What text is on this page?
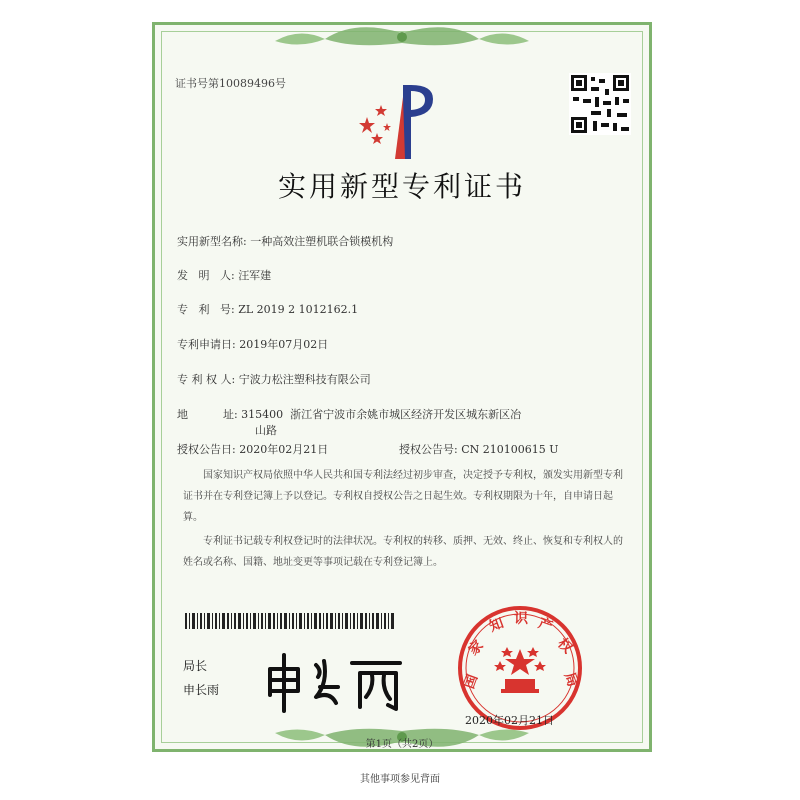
证书号第10089496号
实用新型专利证书
实用新型名称: 一种高效注塑机联合锁模机构
发   明   人: 汪军建
专   利   号: ZL 2019 2 1012162.1
专利申请日: 2019年07月02日
专 利 权 人: 宁波力松注塑科技有限公司
地          址: 315400  浙江省宁波市余姚市城区经济开发区城东新区冶
山路
授权公告日: 2020年02月21日	授权公告号: CN 210100615 U
国家知识产权局依照中华人民共和国专利法经过初步审查，决定授予专利权，颁发实用新型专利证书并在专利登记簿上予以登记。专利权自授权公告之日起生效。专利权期限为十年，自申请日起算。
专利证书记载专利权登记时的法律状况。专利权的转移、质押、无效、终止、恢复和专利权人的姓名或名称、国籍、地址变更等事项记载在专利登记簿上。
局长
申长雨	国
家
知 识 产
权
局
2020年02月21日
第1页（共2页）
其他事项参见背面
